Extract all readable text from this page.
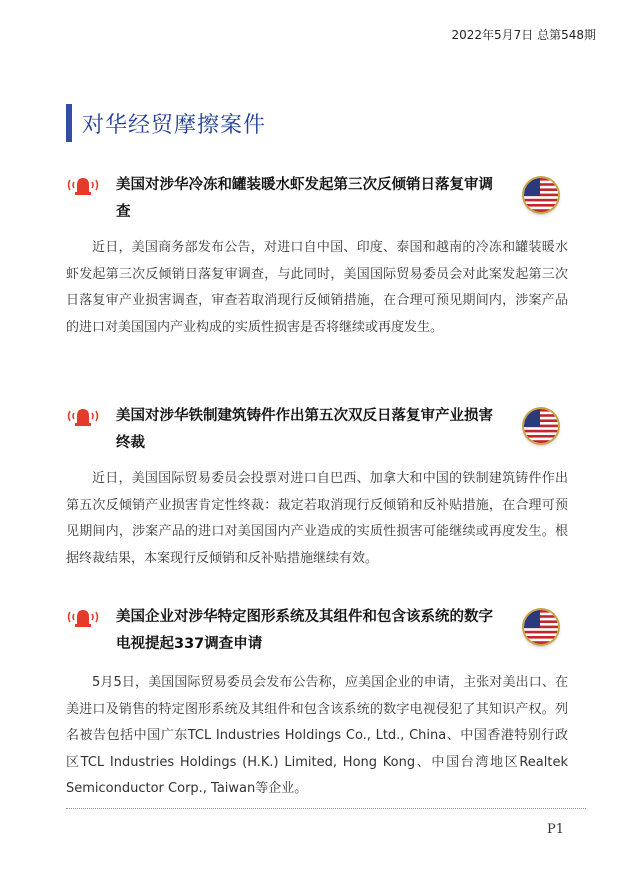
2022年5月7日 总第548期
对华经贸摩擦案件
美国对涉华冷冻和罐装暖水虾发起第三次反倾销日落复审调查
近日，美国商务部发布公告，对进口自中国、印度、泰国和越南的冷冻和罐装暖水虾发起第三次反倾销日落复审调查，与此同时，美国国际贸易委员会对此案发起第三次日落复审产业损害调查，审查若取消现行反倾销措施，在合理可预见期间内，涉案产品的进口对美国国内产业构成的实质性损害是否将继续或再度发生。
美国对涉华铁制建筑铸件作出第五次双反日落复审产业损害终裁
近日，美国国际贸易委员会投票对进口自巴西、加拿大和中国的铁制建筑铸件作出第五次反倾销产业损害肯定性终裁：裁定若取消现行反倾销和反补贴措施，在合理可预见期间内，涉案产品的进口对美国国内产业造成的实质性损害可能继续或再度发生。根据终裁结果，本案现行反倾销和反补贴措施继续有效。
美国企业对涉华特定图形系统及其组件和包含该系统的数字电视提起337调查申请
5月5日，美国国际贸易委员会发布公告称，应美国企业的申请，主张对美出口、在美进口及销售的特定图形系统及其组件和包含该系统的数字电视侵犯了其知识产权。列名被告包括中国广东TCL Industries Holdings Co., Ltd., China、中国香港特别行政区TCL Industries Holdings (H.K.) Limited, Hong Kong、中国台湾地区Realtek Semiconductor Corp., Taiwan等企业。
P1
